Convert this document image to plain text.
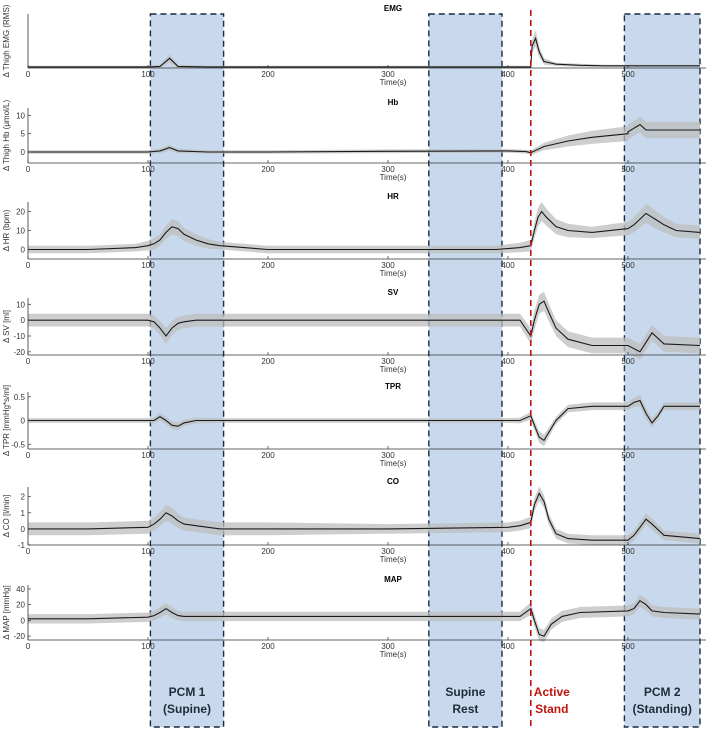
0	100	200	300	400	500
Time(s)
EMG
Δ Thigh EMG (RMS)
0
5
10
0	100	200	300	400	500
Time(s)
Hb
Δ Thigh Hb (μmol/L)
0
10
20
0	100	200	300	400	500
Time(s)
HR
Δ HR (bpm)
-20
-10
0
10
0	100	200	300	400	500
Time(s)
SV
Δ SV [ml]
-0.5
0
0.5
0	100	200	300	400	500
Time(s)
TPR
Δ TPR [mmHg*s/ml]
-1
0
1
2
0	100	200	300	400	500
Time(s)
CO
Δ CO [l/min]
-20
0
20
40
0	100	200	300	400	500
Time(s)
MAP
Δ MAP [mmHg]
PCM 1
(Supine)
Supine
Rest
PCM 2
(Standing)
Active
Stand
